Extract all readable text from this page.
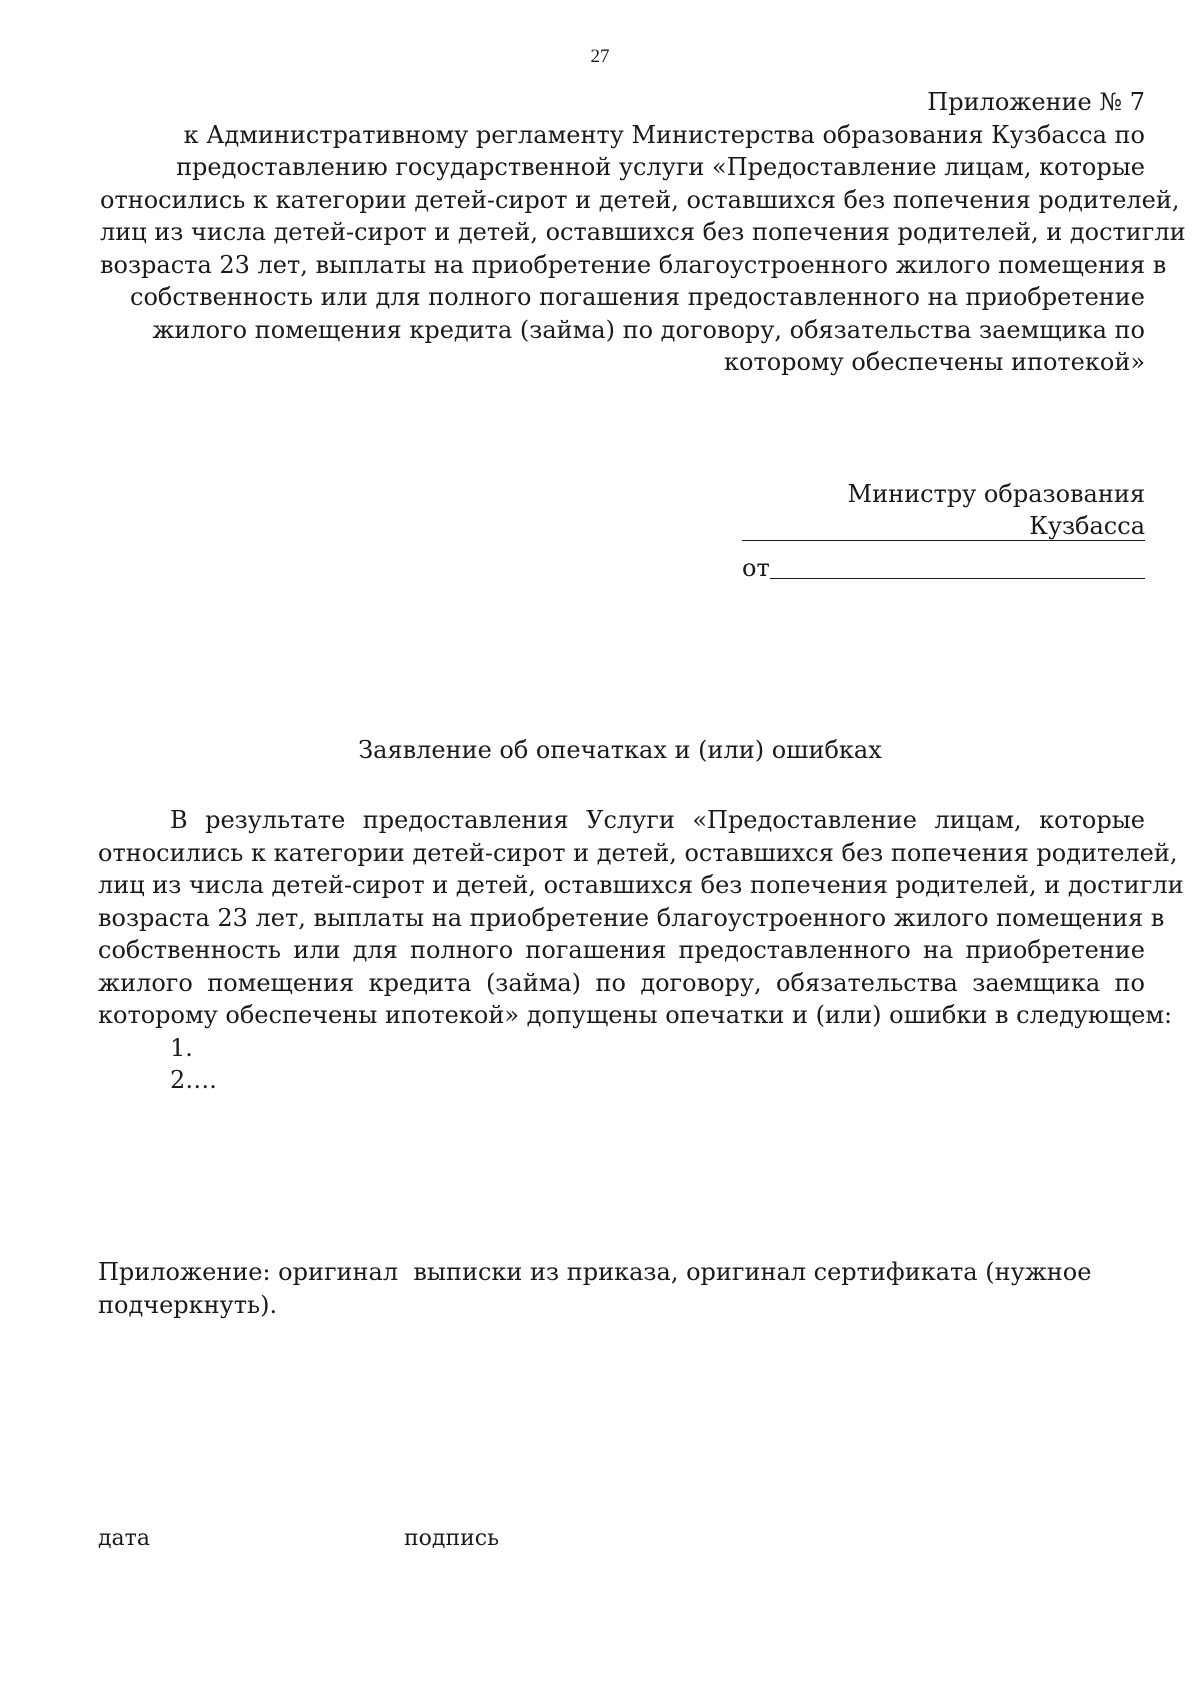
27
Приложение № 7
к Административному регламенту Министерства образования Кузбасса по
предоставлению государственной услуги «Предоставление лицам, которые
относились к категории детей-сирот и детей, оставшихся без попечения родителей,
лиц из числа детей-сирот и детей, оставшихся без попечения родителей, и достигли
возраста 23 лет, выплаты на приобретение благоустроенного жилого помещения в
собственность или для полного погашения предоставленного на приобретение
жилого помещения кредита (займа) по договору, обязательства заемщика по
которому обеспечены ипотекой»
Министру образования Кузбасса
от
Заявление об опечатках и (или) ошибках
В результате предоставления Услуги «Предоставление лицам, которые
относились к категории детей-сирот и детей, оставшихся без попечения родителей,
лиц из числа детей-сирот и детей, оставшихся без попечения родителей, и достигли
возраста 23 лет, выплаты на приобретение благоустроенного жилого помещения в
собственность или для полного погашения предоставленного на приобретение
жилого помещения кредита (займа) по договору, обязательства заемщика по
которому обеспечены ипотекой» допущены опечатки и (или) ошибки в следующем:
1.
2….
Приложение: оригинал  выписки из приказа, оригинал сертификата (нужное
подчеркнуть).
дата	подпись
